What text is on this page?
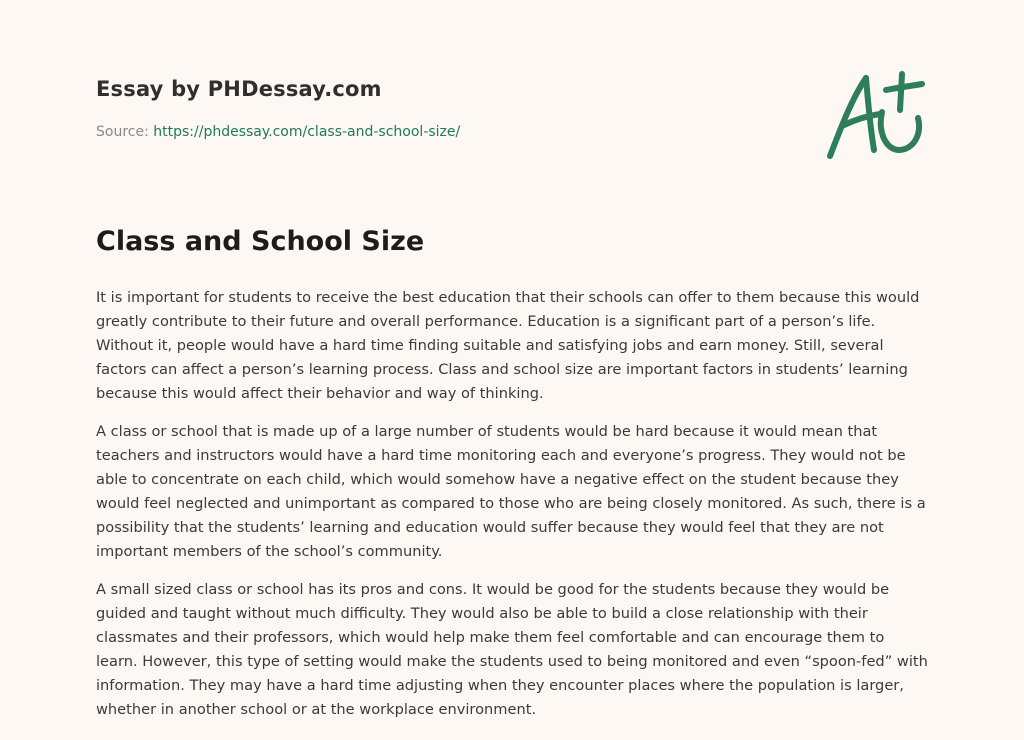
Essay by PHDessay.com
Source: https://phdessay.com/class-and-school-size/
Class and School Size

It is important for students to receive the best education that their schools can offer to them because this would greatly contribute to their future and overall performance. Education is a significant part of a person’s life. Without it, people would have a hard time finding suitable and satisfying jobs and earn money. Still, several factors can affect a person’s learning process. Class and school size are important factors in students’ learning because this would affect their behavior and way of thinking.

A class or school that is made up of a large number of students would be hard because it would mean that teachers and instructors would have a hard time monitoring each and everyone’s progress. They would not be able to concentrate on each child, which would somehow have a negative effect on the student because they would feel neglected and unimportant as compared to those who are being closely monitored. As such, there is a possibility that the students’ learning and education would suffer because they would feel that they are not important members of the school’s community.

A small sized class or school has its pros and cons. It would be good for the students because they would be guided and taught without much difficulty. They would also be able to build a close relationship with their classmates and their professors, which would help make them feel comfortable and can encourage them to learn. However, this type of setting would make the students used to being monitored and even “spoon-fed” with information. They may have a hard time adjusting when they encounter places where the population is larger, whether in another school or at the workplace environment.
